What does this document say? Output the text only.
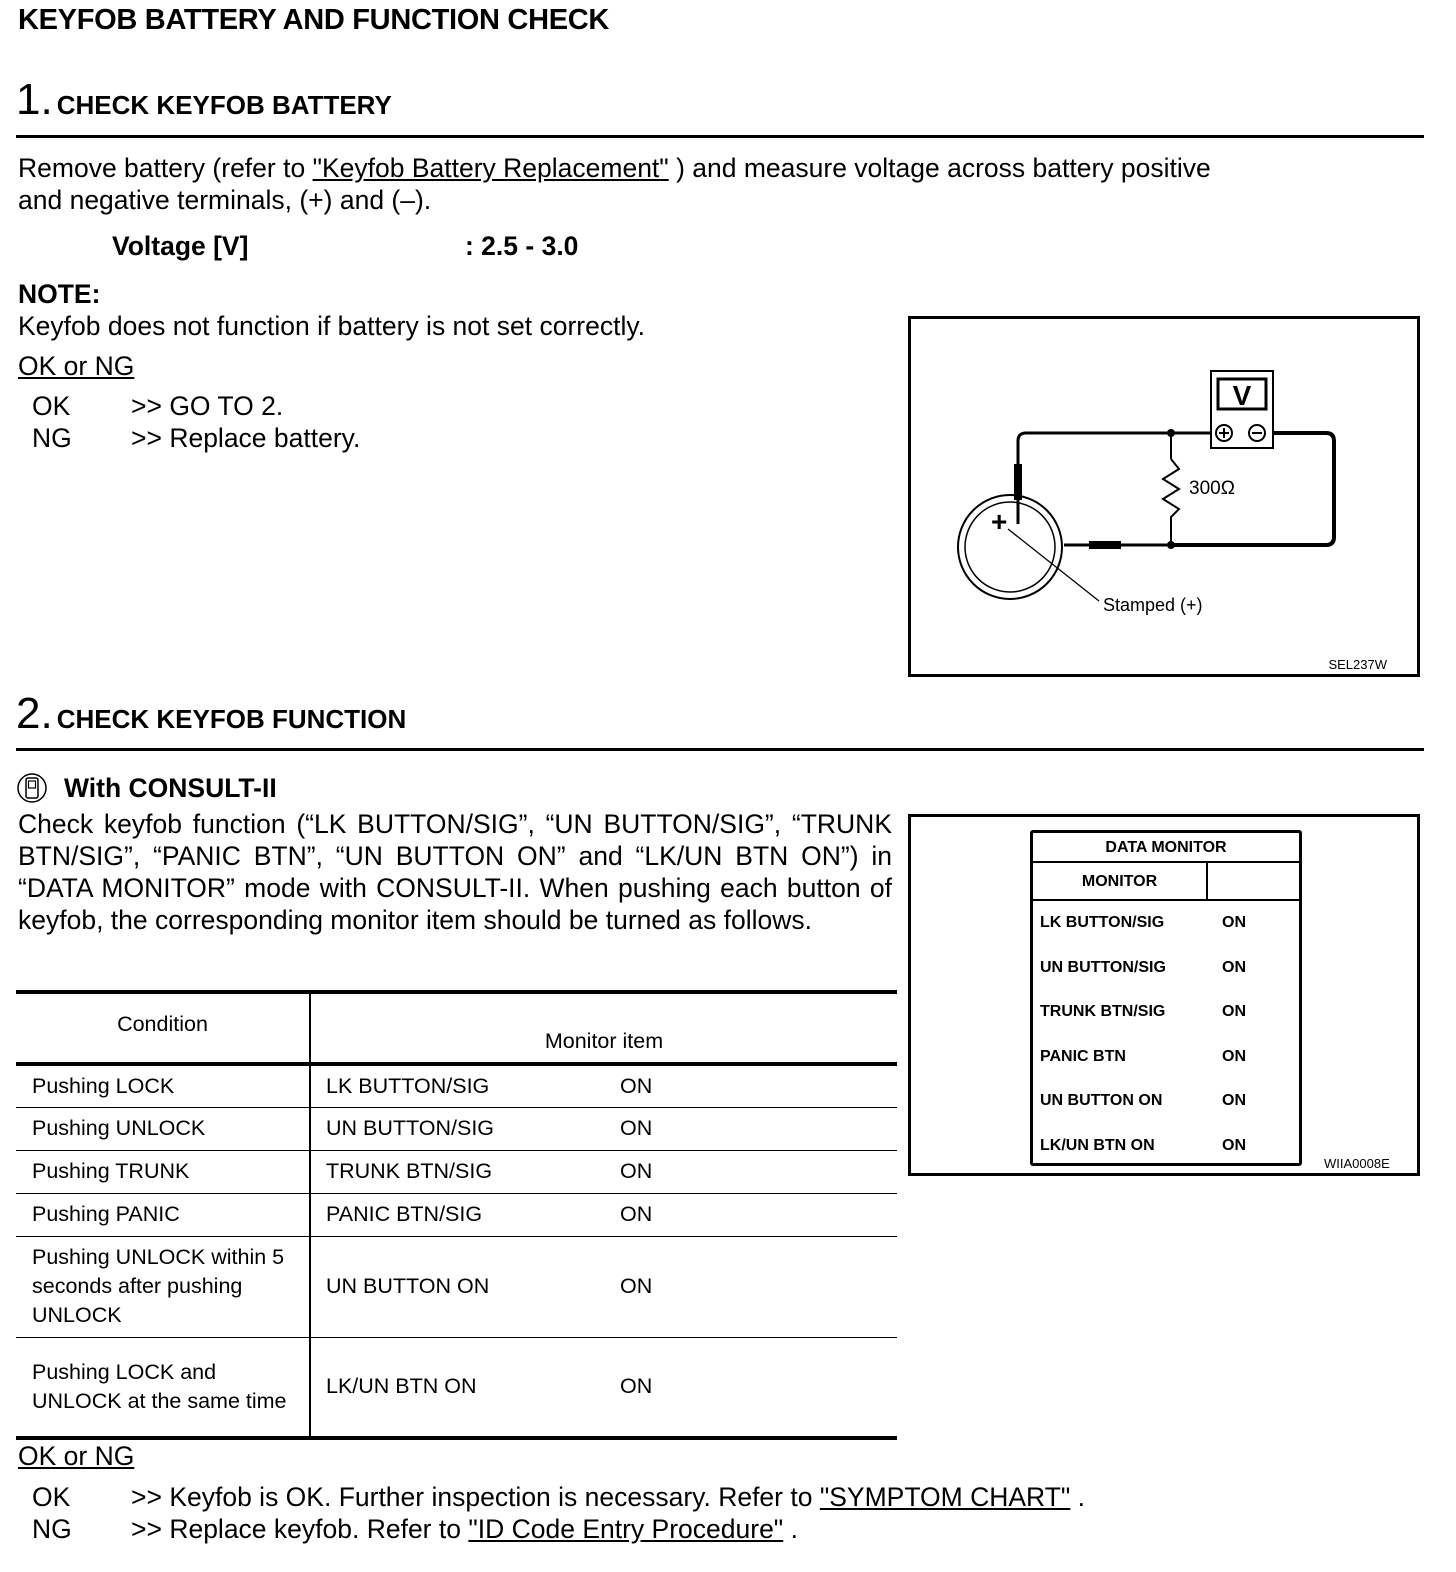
KEYFOB BATTERY AND FUNCTION CHECK
1. CHECK KEYFOB BATTERY
Remove battery (refer to "Keyfob Battery Replacement" ) and measure voltage across battery positive
and negative terminals, (+) and (–).
Voltage [V]	: 2.5 - 3.0
NOTE:
Keyfob does not function if battery is not set correctly.
OK or NG
OK	>> GO TO 2.
NG	>> Replace battery.
300Ω
V
+
Stamped (+)
SEL237W
2. CHECK KEYFOB FUNCTION
With CONSULT-II
Check keyfob function (“LK BUTTON/SIG”, “UN BUTTON/SIG”, “TRUNK BTN/SIG”, “PANIC BTN”, “UN BUTTON ON” and “LK/UN BTN ON”) in “DATA MONITOR” mode with CONSULT-II. When pushing each button of keyfob, the corresponding monitor item should be turned as follows.
Condition	Monitor item
Pushing LOCK	LK BUTTON/SIG ON
Pushing UNLOCK	UN BUTTON/SIG ON
Pushing TRUNK	TRUNK BTN/SIG ON
Pushing PANIC	PANIC BTN/SIG ON
Pushing UNLOCK within 5 seconds after pushing UNLOCK	UN BUTTON ON ON
Pushing LOCK and UNLOCK at the same time	LK/UN BTN ON ON
DATA MONITOR
MONITOR
LK BUTTON/SIG	ON
UN BUTTON/SIG	ON
TRUNK BTN/SIG	ON
PANIC BTN	ON
UN BUTTON ON	ON
LK/UN BTN ON	ON
WIIA0008E
OK or NG
OK	>> Keyfob is OK. Further inspection is necessary. Refer to "SYMPTOM CHART" .
NG	>> Replace keyfob. Refer to "ID Code Entry Procedure" .
